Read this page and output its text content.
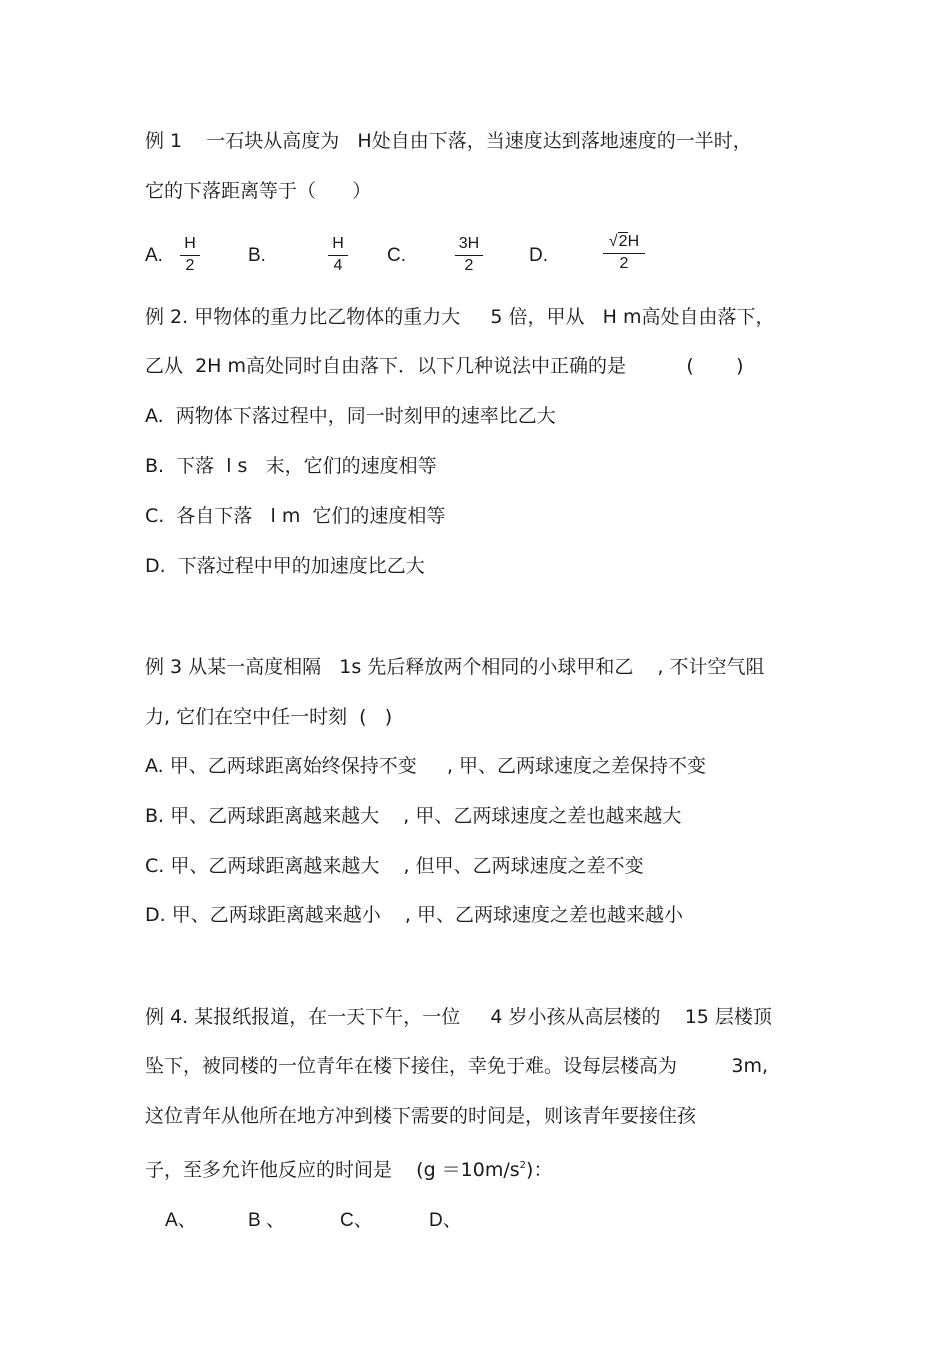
例 1    一石块从高度为   H处自由下落，当速度达到落地速度的一半时，
它的下落距离等于（      ）
A.
H
2	B.
H
4 C.
3H
2	D.
√2H
2
例 2. 甲物体的重力比乙物体的重力大     5 倍，甲从   H m高处自由落下，
乙从  2H m高处同时自由落下．以下几种说法中正确的是          (       )
A.  两物体下落过程中，同一时刻甲的速率比乙大
B.  下落  l s   末，它们的速度相等
C.  各自下落   l m  它们的速度相等
D.  下落过程中甲的加速度比乙大
例 3 从某一高度相隔   1s 先后释放两个相同的小球甲和乙    , 不计空气阻
力, 它们在空中任一时刻  (   )
A. 甲、乙两球距离始终保持不变     , 甲、乙两球速度之差保持不变
B. 甲、乙两球距离越来越大    , 甲、乙两球速度之差也越来越大
C. 甲、乙两球距离越来越大    , 但甲、乙两球速度之差不变
D. 甲、乙两球距离越来越小    , 甲、乙两球速度之差也越来越小
例 4. 某报纸报道，在一天下午，一位     4 岁小孩从高层楼的    15 层楼顶
坠下，被同楼的一位青年在楼下接住，幸免于难。设每层楼高为         3m,
这位青年从他所在地方冲到楼下需要的时间是，则该青年要接住孩
子，至多允许他反应的时间是    $(g =10m/s^2)$：
A、	B 、	C、	D、
